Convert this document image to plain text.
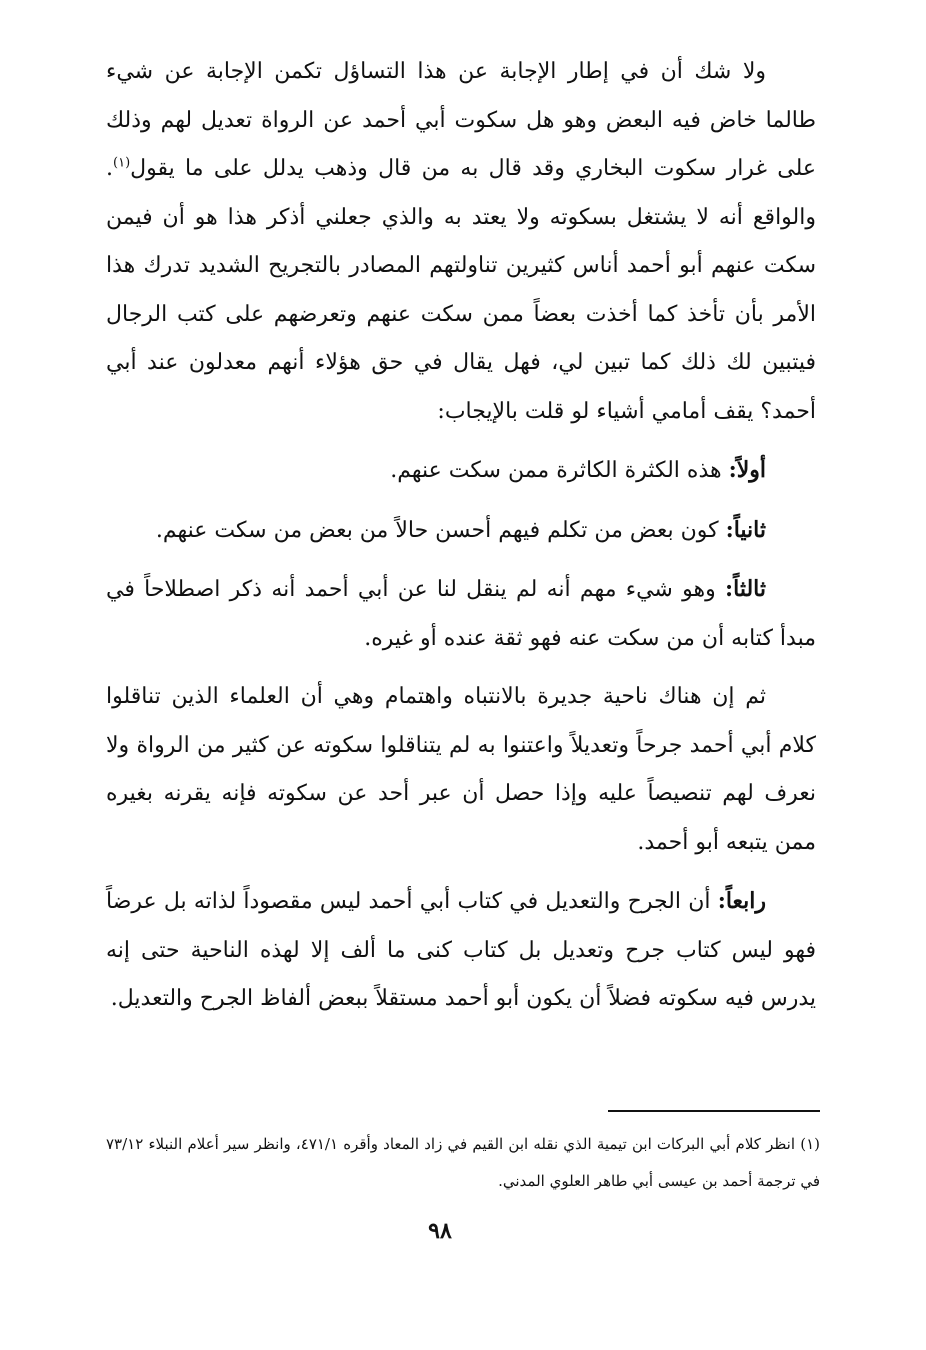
ولا شك أن في إطار الإجابة عن هذا التساؤل تكمن الإجابة عن شيء طالما خاض فيه البعض وهو هل سكوت أبي أحمد عن الرواة تعديل لهم وذلك على غرار سكوت البخاري وقد قال به من قال وذهب يدلل على ما يقول$^{(١)}$. والواقع أنه لا يشتغل بسكوته ولا يعتد به والذي جعلني أذكر هذا هو أن فيمن سكت عنهم أبو أحمد أناس كثيرين تناولتهم المصادر بالتجريح الشديد تدرك هذا الأمر بأن تأخذ كما أخذت بعضاً ممن سكت عنهم وتعرضهم على كتب الرجال فيتبين لك ذلك كما تبين لي، فهل يقال في حق هؤلاء أنهم معدلون عند أبي أحمد؟ يقف أمامي أشياء لو قلت بالإيجاب:

أولاً: هذه الكثرة الكاثرة ممن سكت عنهم.

ثانياً: كون بعض من تكلم فيهم أحسن حالاً من بعض من سكت عنهم.

ثالثاً: وهو شيء مهم أنه لم ينقل لنا عن أبي أحمد أنه ذكر اصطلاحاً في مبدأ كتابه أن من سكت عنه فهو ثقة عنده أو غيره.

ثم إن هناك ناحية جديرة بالانتباه واهتمام وهي أن العلماء الذين تناقلوا كلام أبي أحمد جرحاً وتعديلاً واعتنوا به لم يتناقلوا سكوته عن كثير من الرواة ولا نعرف لهم تنصيصاً عليه وإذا حصل أن عبر أحد عن سكوته فإنه يقرنه بغيره ممن يتبعه أبو أحمد.

رابعاً: أن الجرح والتعديل في كتاب أبي أحمد ليس مقصوداً لذاته بل عرضاً فهو ليس كتاب جرح وتعديل بل كتاب كنى ما ألف إلا لهذه الناحية حتى إنه يدرس فيه سكوته فضلاً أن يكون أبو أحمد مستقلاً ببعض ألفاظ الجرح والتعديل.

(١) انظر كلام أبي البركات ابن تيمية الذي نقله ابن القيم في زاد المعاد وأقره ٤٧١/١، وانظر سير أعلام النبلاء ٧٣/١٢ في ترجمة أحمد بن عيسى أبي طاهر العلوي المدني.

٩٨
